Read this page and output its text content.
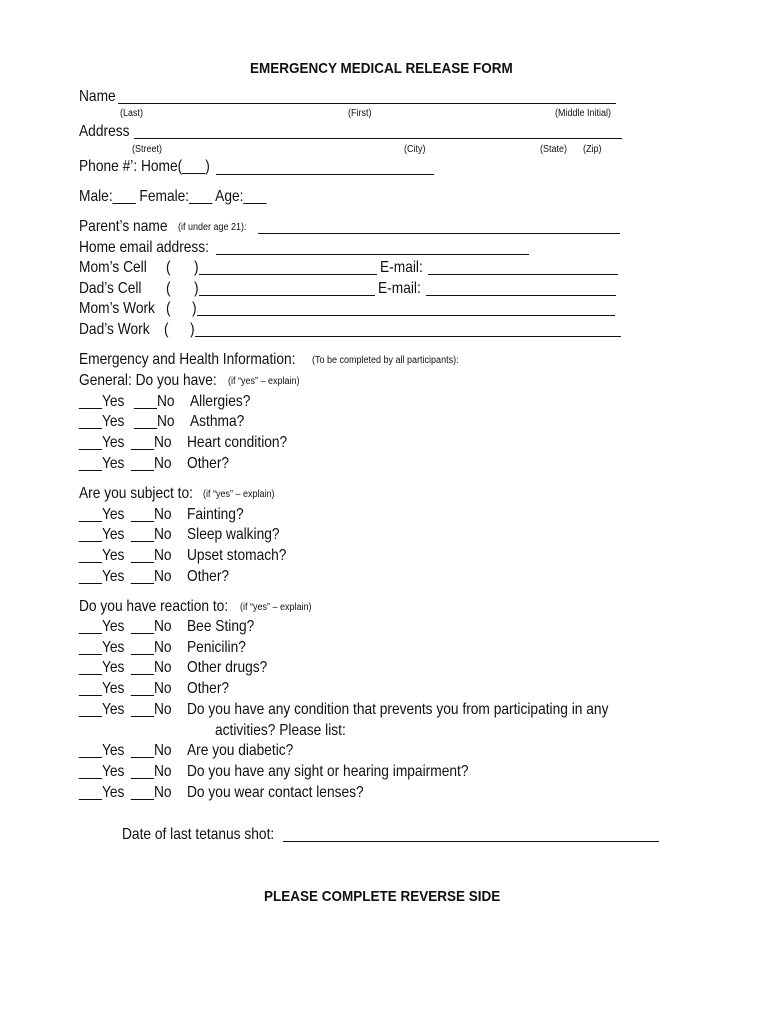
EMERGENCY MEDICAL RELEASE FORM
Name
(Last)	(First)	(Middle Initial)
Address
(Street)	(City)	(State) (Zip)
Phone #’: Home(___)
Male:___ Female:___ Age:___
Parent’s name (if under age 21):
Home email address:
Mom’s Cell ( )	E-mail:
Dad’s Cell ( )	E-mail:
Mom’s Work ( )
Dad’s Work ( )
Emergency and Health Information: (To be completed by all participants):
General: Do you have: (if “yes” – explain)
___Yes ___No Allergies?
___Yes ___No Asthma?
___Yes ___No Heart condition?
___Yes ___No Other?
Are you subject to: (if “yes” – explain)
___Yes ___No Fainting?
___Yes ___No Sleep walking?
___Yes ___No Upset stomach?
___Yes ___No Other?
Do you have reaction to: (if “yes” – explain)
___Yes ___No Bee Sting?
___Yes ___No Penicilin?
___Yes ___No Other drugs?
___Yes ___No Other?
___Yes ___No Do you have any condition that prevents you from participating in any
activities? Please list:
___Yes ___No Are you diabetic?
___Yes ___No Do you have any sight or hearing impairment?
___Yes ___No Do you wear contact lenses?
Date of last tetanus shot:
PLEASE COMPLETE REVERSE SIDE
